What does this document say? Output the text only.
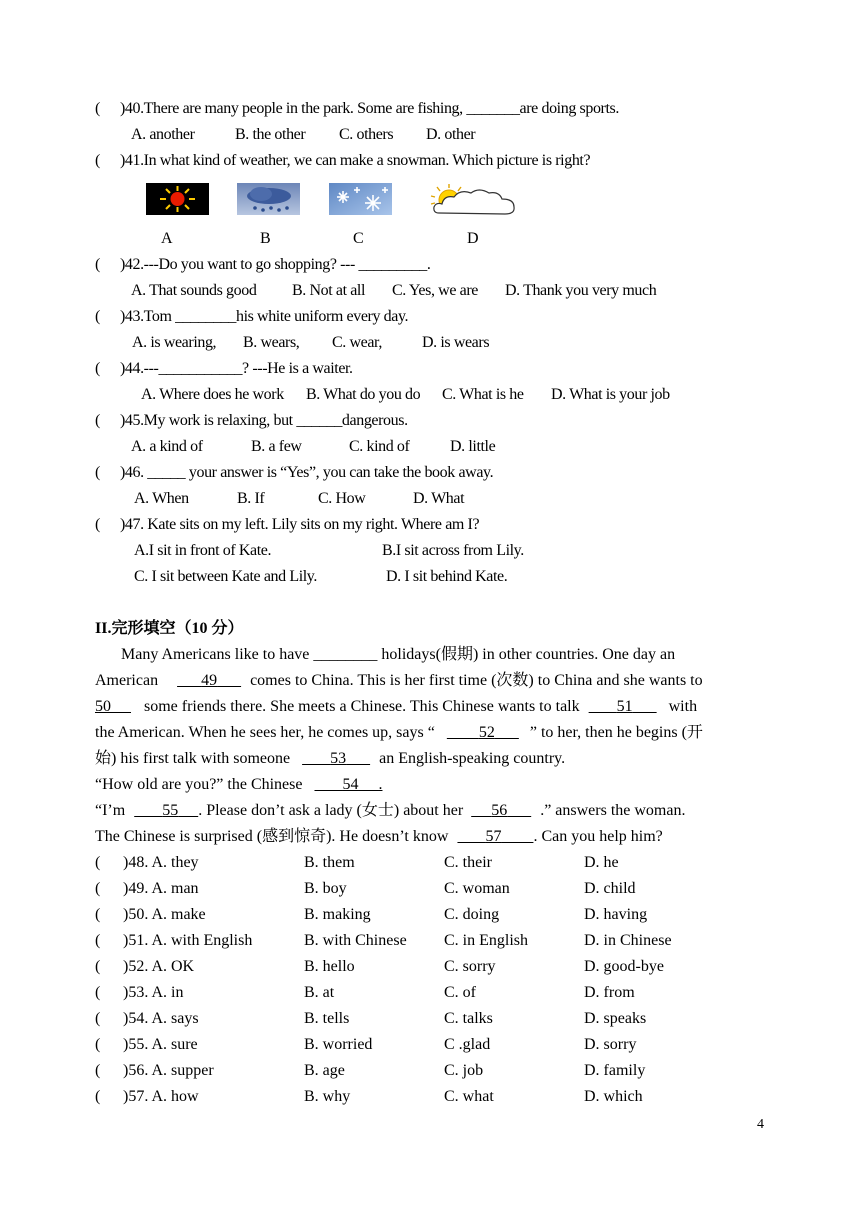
( )40.There are many people in the park. Some are fishing, _______are doing sports.
A. another	B. the other C. others D. other
( )41.In what kind of weather, we can make a snowman. Which picture is right?
A	B	C	D
( )42.---Do you want to go shopping? --- _________.
A. That sounds good B. Not at all C. Yes, we are D. Thank you very much
( )43.Tom ________his white uniform every day.
A. is wearing, B. wears, C. wear,	D. is wears
( )44.---___________? ---He is a waiter.
A. Where does he work B. What do you do C. What is he D. What is your job
( )45.My work is relaxing, but ______dangerous.
A. a kind of	B. a few	C. kind of	D. little
( )46. _____ your answer is “Yes”, you can take the book away.
A. When	B. If	C. How	D. What
( )47. Kate sits on my left. Lily sits on my right. Where am I?
A.I sit in front of Kate.	B.I sit across from Lily.
C. I sit between Kate and Lily.	D. I sit behind Kate.
II.完形填空（10 分）
Many Americans like to have ________ holidays(假期) in other countries. One day an
American	49 comes to China. This is her first time (次数) to China and she wants to
50 some friends there. She meets a Chinese. This Chinese wants to talk 51 with
the American. When he sees her, he comes up, says “	52 ” to her, then he begins (开
始) his first talk with someone	53 an English-speaking country.
“How old are you?” the Chinese	54 .
“I’m 55 . Please don’t ask a lady (女士) about her 56 .” answers the woman.
The Chinese is surprised (感到惊奇). He doesn’t know 57 . Can you help him?
( )48. A. they	B. them	C. their	D. he
( )49. A. man	B. boy	C. woman	D. child
( )50. A. make	B. making	C. doing	D. having
( )51. A. with English	B. with Chinese C. in English	D. in Chinese
( )52. A. OK	B. hello	C. sorry	D. good-bye
( )53. A. in	B. at	C. of	D. from
( )54. A. says	B. tells	C. talks	D. speaks
( )55. A. sure	B. worried	C .glad	D. sorry
( )56. A. supper	B. age	C. job	D. family
( )57. A. how	B. why	C. what	D. which
4
